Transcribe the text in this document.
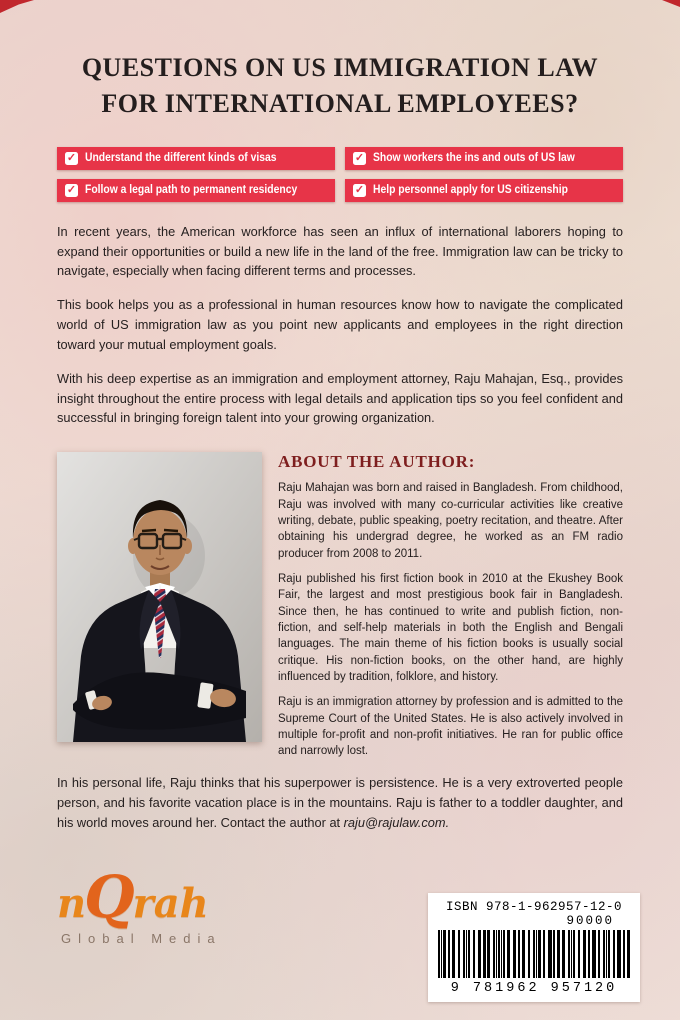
QUESTIONS ON US IMMIGRATION LAW
FOR INTERNATIONAL EMPLOYEES?
✓ Understand the different kinds of visas	✓ Show workers the ins and outs of US law
✓ Follow a legal path to permanent residency	✓ Help personnel apply for US citizenship

In recent years, the American workforce has seen an influx of international laborers hoping to expand their opportunities or build a new life in the land of the free. Immigration law can be tricky to navigate, especially when facing different terms and processes.

This book helps you as a professional in human resources know how to navigate the complicated world of US immigration law as you point new applicants and employees in the right direction toward your mutual employment goals.

With his deep expertise as an immigration and employment attorney, Raju Mahajan, Esq., provides insight throughout the entire process with legal details and application tips so you feel confident and successful in bringing foreign talent into your growing organization.

ABOUT THE AUTHOR:

Raju Mahajan was born and raised in Bangladesh. From childhood, Raju was involved with many co-curricular activities like creative writing, debate, public speaking, poetry recitation, and theatre. After obtaining his undergrad degree, he worked as an FM radio producer from 2008 to 2011.

Raju published his first fiction book in 2010 at the Ekushey Book Fair, the largest and most prestigious book fair in Bangladesh. Since then, he has continued to write and publish fiction, non-fiction, and self-help materials in both the English and Bengali languages. The main theme of his fiction books is usually social critique. His non-fiction books, on the other hand, are highly influenced by tradition, folklore, and history.

Raju is an immigration attorney by profession and is admitted to the Supreme Court of the United States. He is also actively involved in multiple for-profit and non-profit initiatives. He ran for public office and narrowly lost.

In his personal life, Raju thinks that his superpower is persistence. He is a very extroverted people person, and his favorite vacation place is in the mountains. Raju is father to a toddler daughter, and his world moves around her. Contact the author at raju@rajulaw.com.

nQrah
Global Media
ISBN 978-1-962957-12-0
90000
9 781962 957120
